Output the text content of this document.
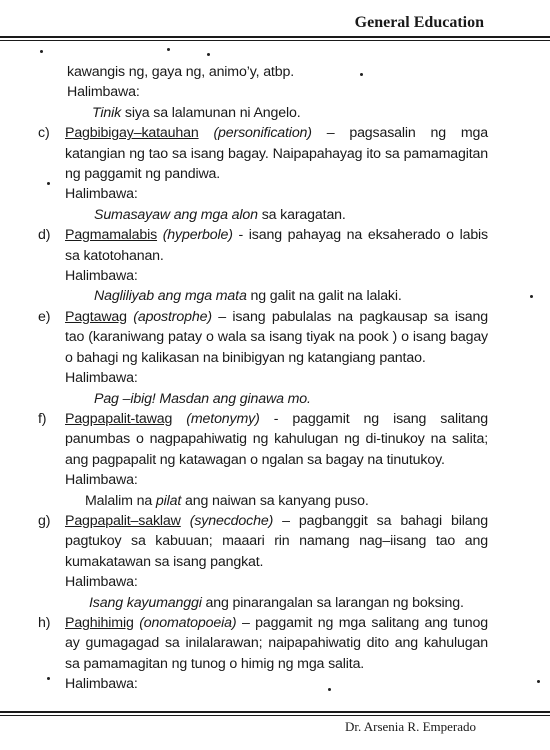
General Education

kawangis ng, gaya ng, animo’y, atbp.

Halimbawa:

Tinik siya sa lalamunan ni Angelo.

c) Pagbibigay–katauhan (personification) – pagsasalin ng mga katangian ng tao sa isang bagay. Naipapahayag ito sa pamamagitan ng paggamit ng pandiwa.

Halimbawa:

Sumasayaw ang mga alon sa karagatan.

d) Pagmamalabis (hyperbole) - isang pahayag na eksaherado o labis sa katotohanan.

Halimbawa:

Nagliliyab ang mga mata ng galit na galit na lalaki.

e) Pagtawag (apostrophe) – isang pabulalas na pagkausap sa isang tao (karaniwang patay o wala sa isang tiyak na pook ) o isang bagay o bahagi ng kalikasan na binibigyan ng katangiang pantao.

Halimbawa:

Pag –ibig! Masdan ang ginawa mo.

f) Pagpapalit-tawag (metonymy) - paggamit ng isang salitang panumbas o nagpapahiwatig ng kahulugan ng di-tinukoy na salita; ang pagpapalit ng katawagan o ngalan sa bagay na tinutukoy.

Halimbawa:

Malalim na pilat ang naiwan sa kanyang puso.

g) Pagpapalit–saklaw (synecdoche) – pagbanggit sa bahagi bilang pagtukoy sa kabuuan; maaari rin namang nag–iisang tao ang kumakatawan sa isang pangkat.

Halimbawa:

Isang kayumanggi ang pinarangalan sa larangan ng boksing.

h) Paghihimig (onomatopoeia) – paggamit ng mga salitang ang tunog ay gumagagad sa inilalarawan; naipapahiwatig dito ang kahulugan sa pamamagitan ng tunog o himig ng mga salita.

Halimbawa:

Dr. Arsenia R. Emperado
